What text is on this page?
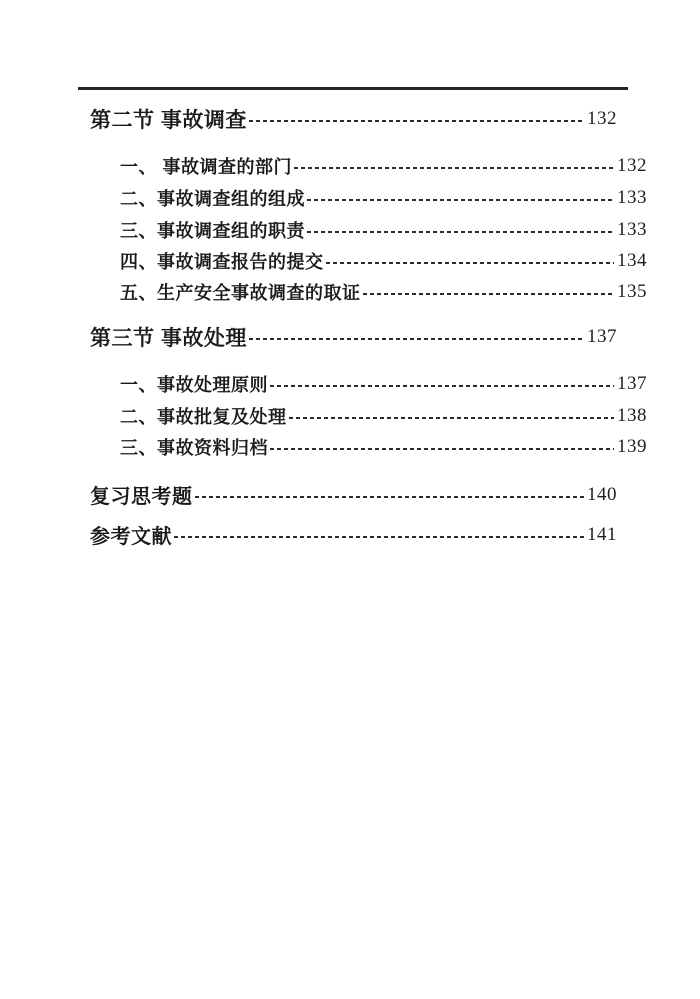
第二节 事故调查	132
一、 事故调查的部门	132
二、事故调查组的组成	133
三、事故调查组的职责	133
四、事故调查报告的提交	134
五、生产安全事故调查的取证	135
第三节 事故处理	137
一、事故处理原则	137
二、事故批复及处理	138
三、事故资料归档	139
复习思考题	140
参考文献	141
